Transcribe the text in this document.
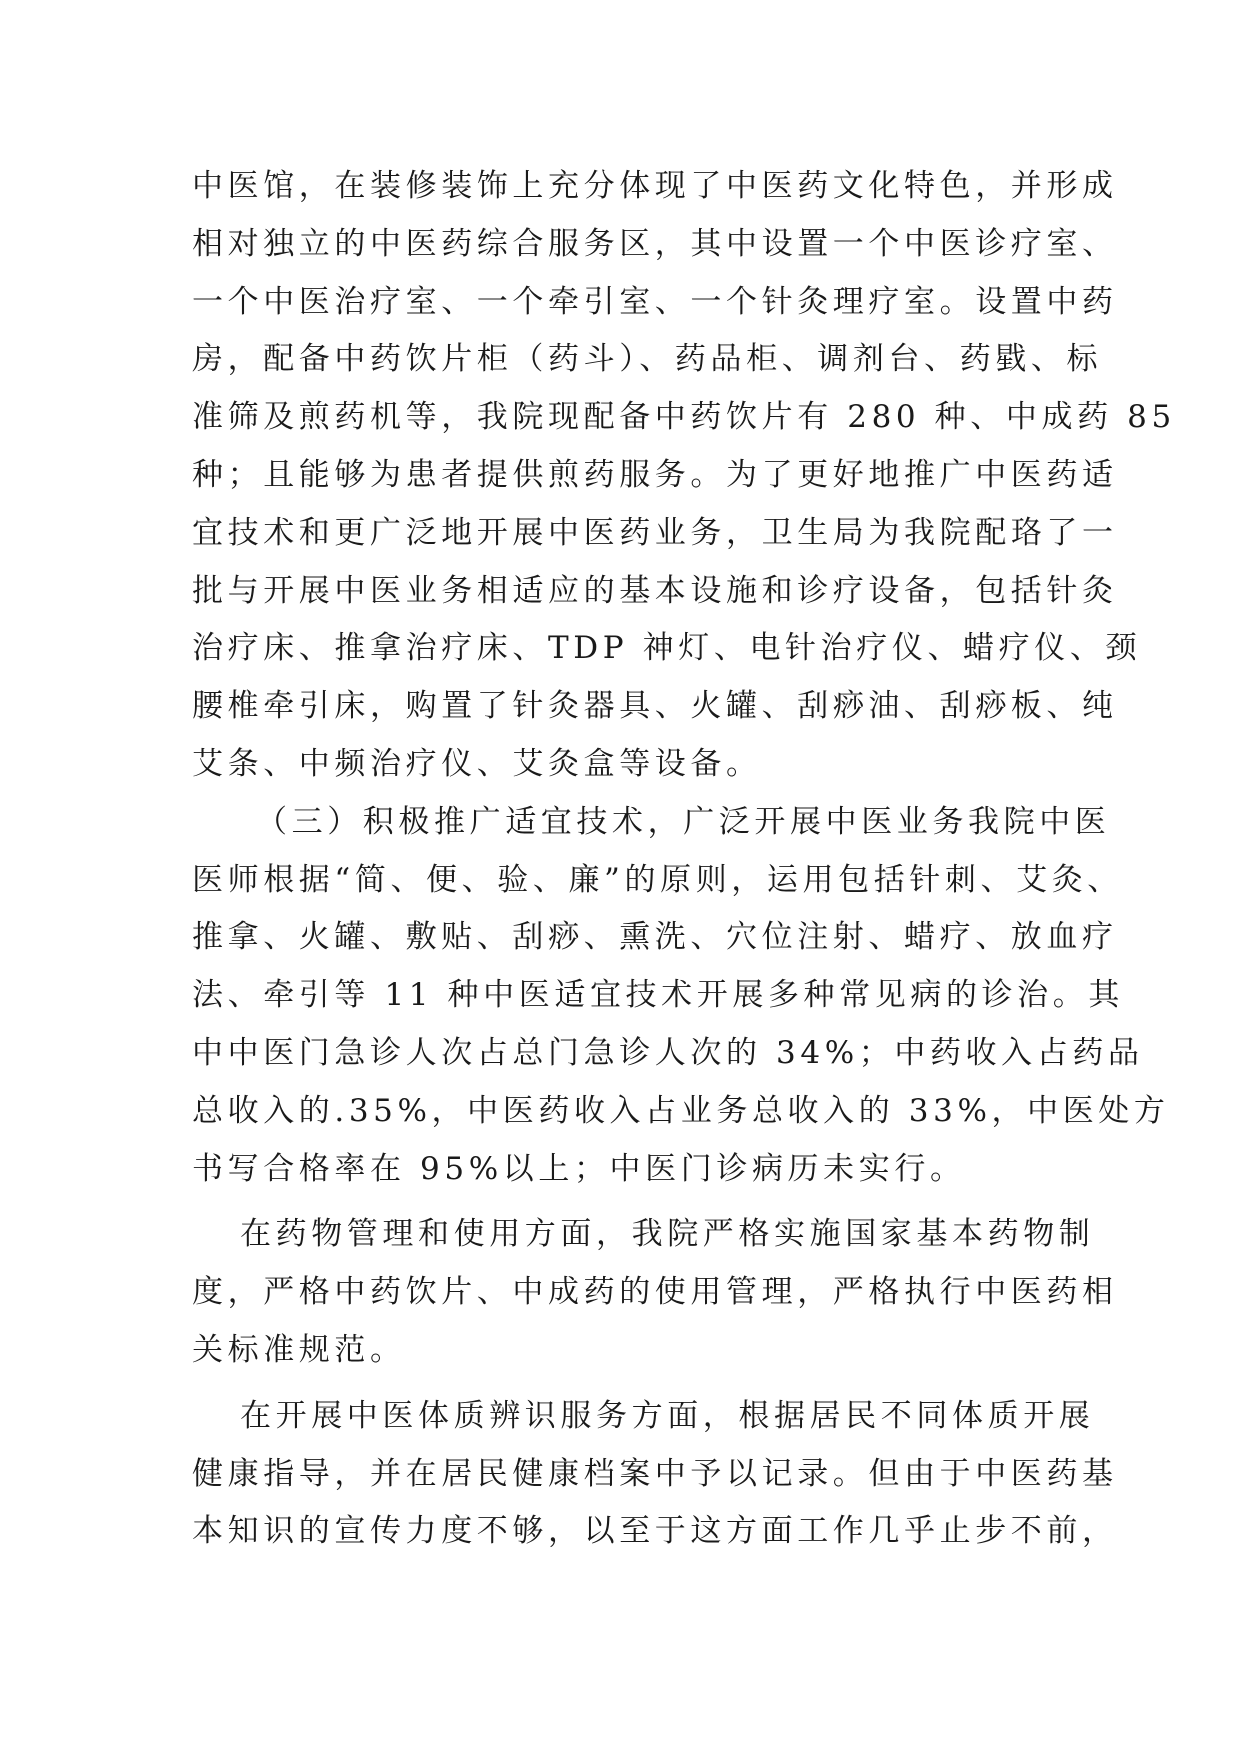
中医馆，在装修装饰上充分体现了中医药文化特色，并形成
相对独立的中医药综合服务区，其中设置一个中医诊疗室、
一个中医治疗室、一个牵引室、一个针灸理疗室。设置中药
房，配备中药饮片柜（药斗）、药品柜、调剂台、药戥、标
准筛及煎药机等，我院现配备中药饮片有 280 种、中成药 85
种；且能够为患者提供煎药服务。为了更好地推广中医药适
宜技术和更广泛地开展中医药业务，卫生局为我院配珞了一
批与开展中医业务相适应的基本设施和诊疗设备，包括针灸
治疗床、推拿治疗床、TDP 神灯、电针治疗仪、蜡疗仪、颈
腰椎牵引床，购置了针灸器具、火罐、刮痧油、刮痧板、纯
艾条、中频治疗仪、艾灸盒等设备。
（三）积极推广适宜技术，广泛开展中医业务我院中医
医师根据“简、便、验、廉”的原则，运用包括针刺、艾灸、
推拿、火罐、敷贴、刮痧、熏洗、穴位注射、蜡疗、放血疗
法、牵引等 11 种中医适宜技术开展多种常见病的诊治。其
中中医门急诊人次占总门急诊人次的 34%；中药收入占药品
总收入的.35%，中医药收入占业务总收入的 33%，中医处方
书写合格率在 95%以上；中医门诊病历未实行。
在药物管理和使用方面，我院严格实施国家基本药物制
度，严格中药饮片、中成药的使用管理，严格执行中医药相
关标准规范。
在开展中医体质辨识服务方面，根据居民不同体质开展
健康指导，并在居民健康档案中予以记录。但由于中医药基
本知识的宣传力度不够，以至于这方面工作几乎止步不前，
